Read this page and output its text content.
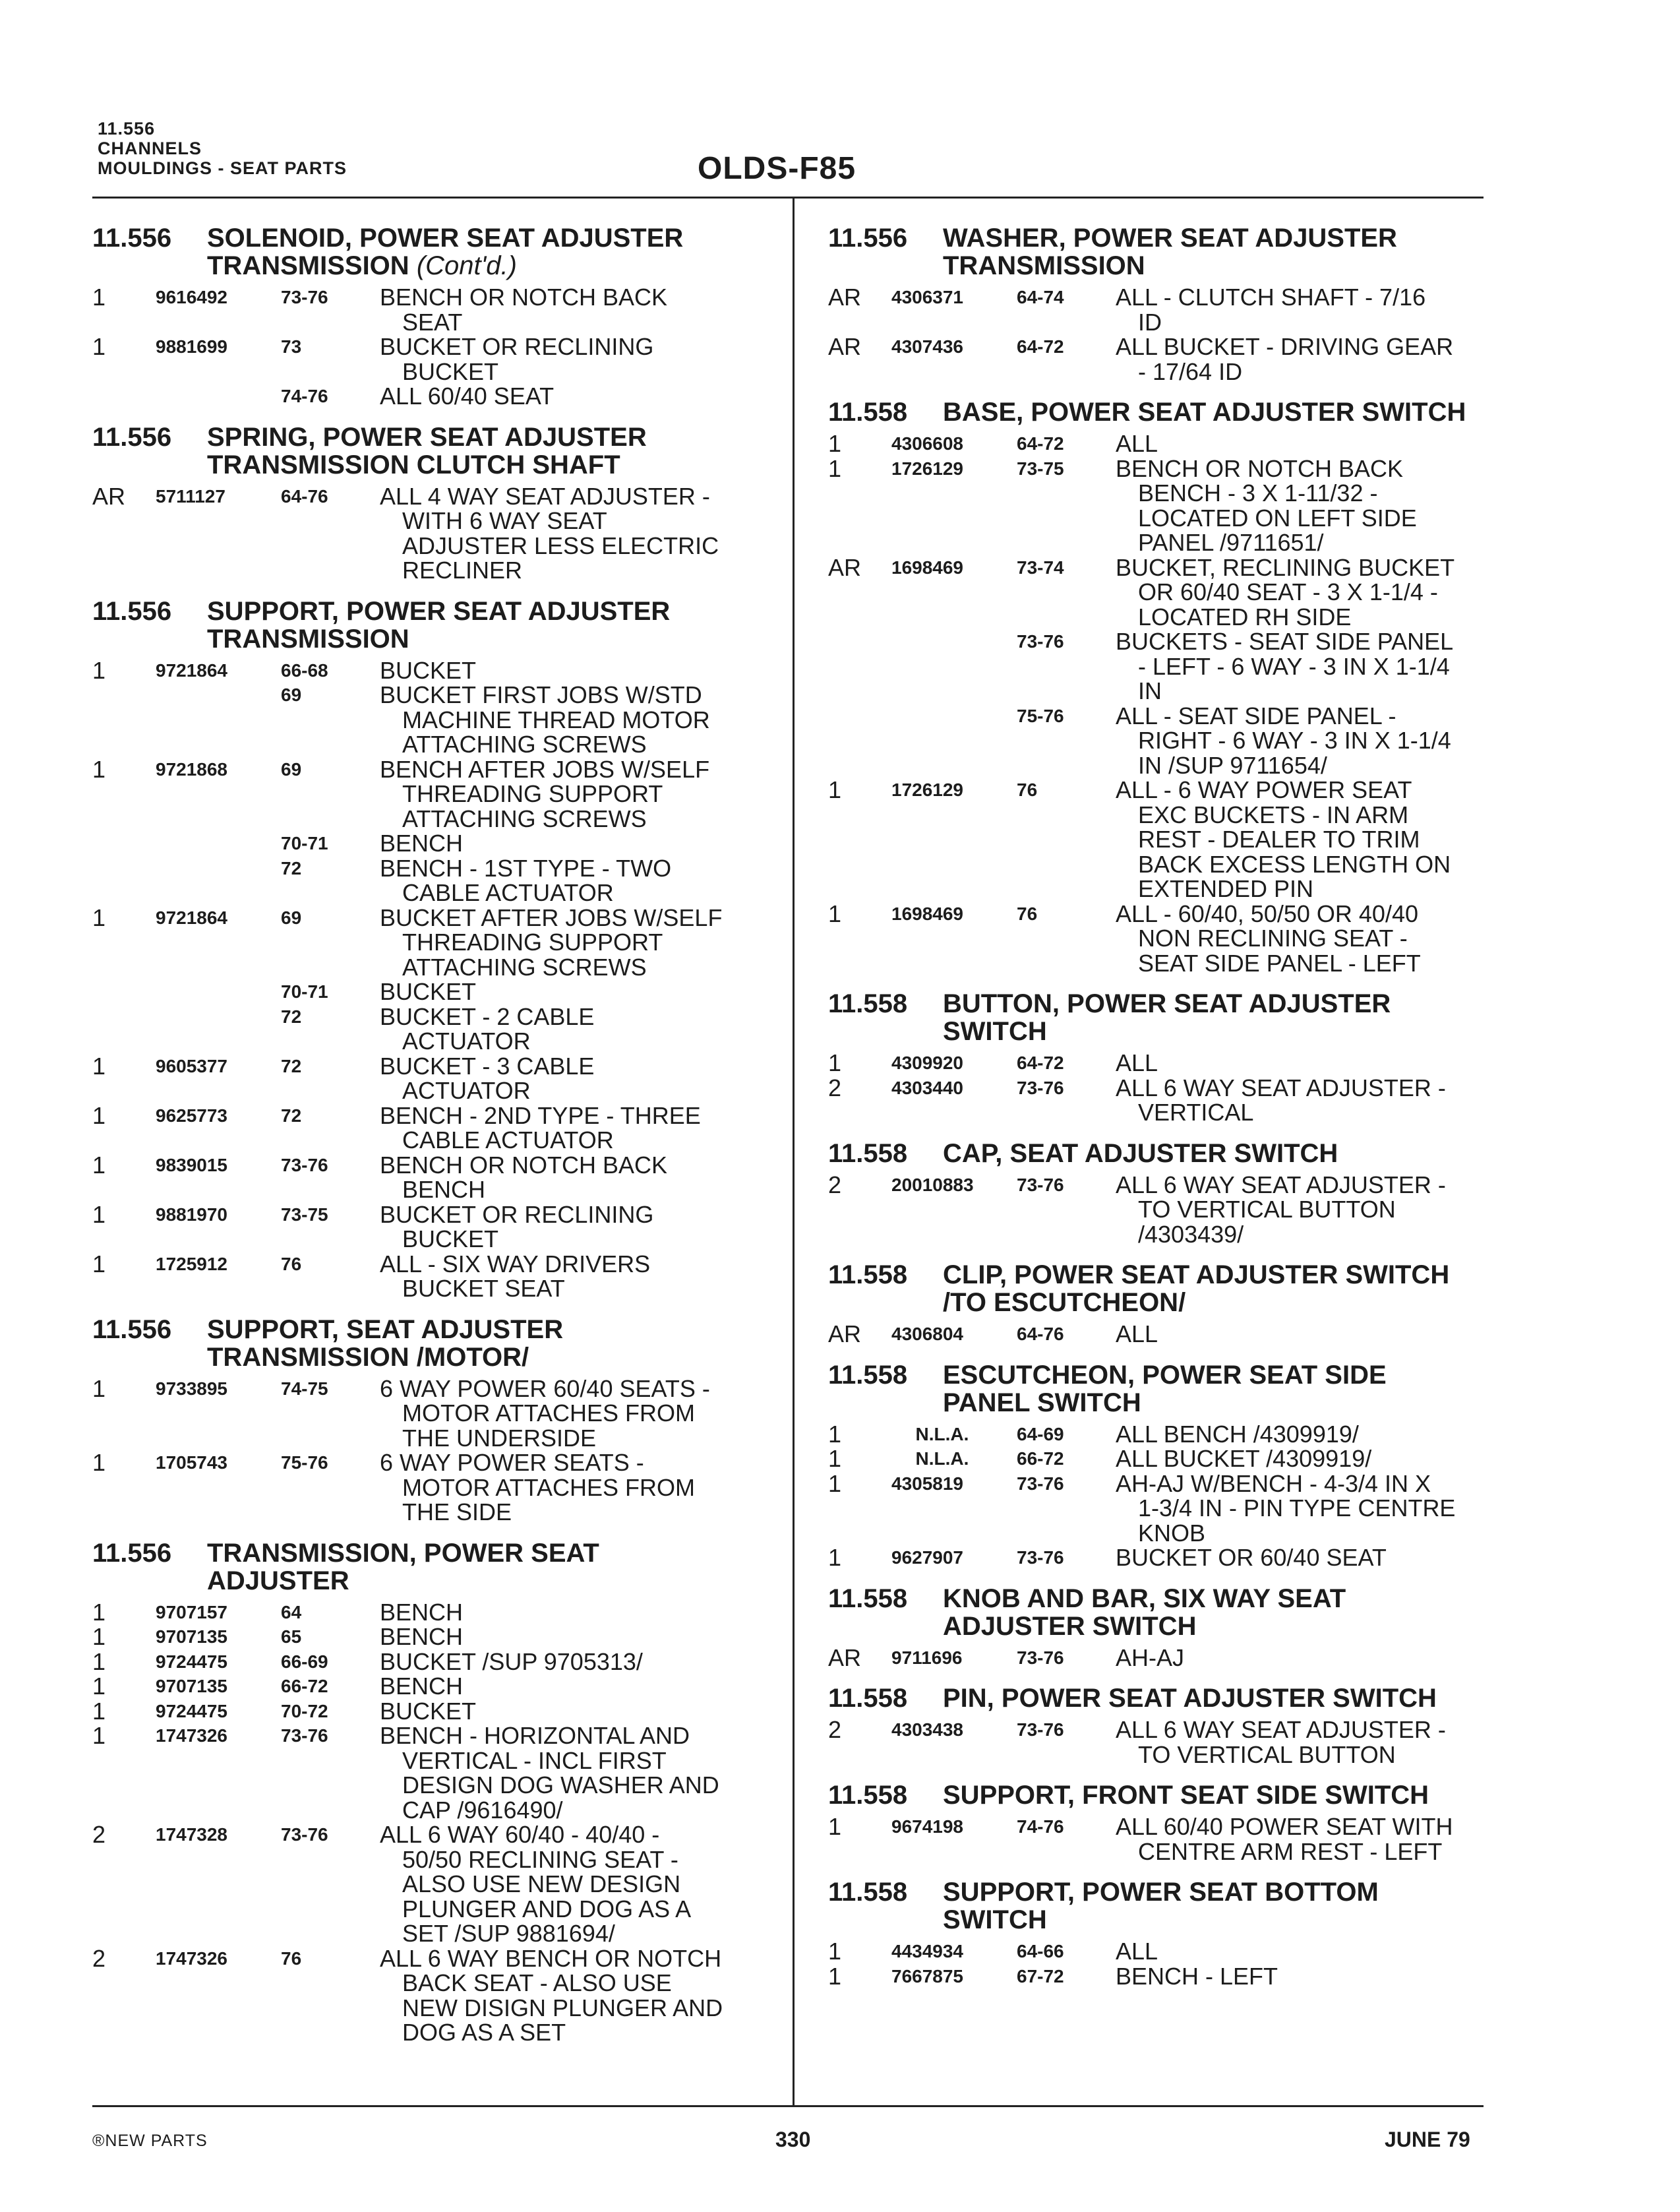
11.556
CHANNELS
MOULDINGS - SEAT PARTS	OLDS-F85
11.556	SOLENOID, POWER SEAT ADJUSTER
TRANSMISSION (Cont'd.)
1	9616492	73-76	BENCH OR NOTCH BACK
SEAT
1	9881699	73	BUCKET OR RECLINING
BUCKET
74-76	ALL 60/40 SEAT
11.556	SPRING, POWER SEAT ADJUSTER
TRANSMISSION CLUTCH SHAFT
AR	5711127	64-76	ALL 4 WAY SEAT ADJUSTER -
WITH 6 WAY SEAT
ADJUSTER LESS ELECTRIC
RECLINER
11.556	SUPPORT, POWER SEAT ADJUSTER
TRANSMISSION
1	9721864	66-68	BUCKET
69	BUCKET FIRST JOBS W/STD
MACHINE THREAD MOTOR
ATTACHING SCREWS
1	9721868	69	BENCH AFTER JOBS W/SELF
THREADING SUPPORT
ATTACHING SCREWS
70-71	BENCH
72	BENCH - 1ST TYPE - TWO
CABLE ACTUATOR
1	9721864	69	BUCKET AFTER JOBS W/SELF
THREADING SUPPORT
ATTACHING SCREWS
70-71	BUCKET
72	BUCKET - 2 CABLE
ACTUATOR
1	9605377	72	BUCKET - 3 CABLE
ACTUATOR
1	9625773	72	BENCH - 2ND TYPE - THREE
CABLE ACTUATOR
1	9839015	73-76	BENCH OR NOTCH BACK
BENCH
1	9881970	73-75	BUCKET OR RECLINING
BUCKET
1	1725912	76	ALL - SIX WAY DRIVERS
BUCKET SEAT
11.556	SUPPORT, SEAT ADJUSTER
TRANSMISSION /MOTOR/
1	9733895	74-75	6 WAY POWER 60/40 SEATS -
MOTOR ATTACHES FROM
THE UNDERSIDE
1	1705743	75-76	6 WAY POWER SEATS -
MOTOR ATTACHES FROM
THE SIDE
11.556	TRANSMISSION, POWER SEAT
ADJUSTER
1	9707157	64	BENCH
1	9707135	65	BENCH
1	9724475	66-69	BUCKET /SUP 9705313/
1	9707135	66-72	BENCH
1	9724475	70-72	BUCKET
1	1747326	73-76	BENCH - HORIZONTAL AND
VERTICAL - INCL FIRST
DESIGN DOG WASHER AND
CAP /9616490/
2	1747328	73-76	ALL 6 WAY 60/40 - 40/40 -
50/50 RECLINING SEAT -
ALSO USE NEW DESIGN
PLUNGER AND DOG AS A
SET /SUP 9881694/
2	1747326	76	ALL 6 WAY BENCH OR NOTCH
BACK SEAT - ALSO USE
NEW DISIGN PLUNGER AND
DOG AS A SET
11.556	WASHER, POWER SEAT ADJUSTER
TRANSMISSION
AR	4306371	64-74	ALL - CLUTCH SHAFT - 7/16
ID
AR	4307436	64-72	ALL BUCKET - DRIVING GEAR
- 17/64 ID
11.558	BASE, POWER SEAT ADJUSTER SWITCH
1	4306608	64-72	ALL
1	1726129	73-75	BENCH OR NOTCH BACK
BENCH - 3 X 1-11/32 -
LOCATED ON LEFT SIDE
PANEL /9711651/
AR	1698469	73-74	BUCKET, RECLINING BUCKET
OR 60/40 SEAT - 3 X 1-1/4 -
LOCATED RH SIDE
73-76	BUCKETS - SEAT SIDE PANEL
- LEFT - 6 WAY - 3 IN X 1-1/4
IN
75-76	ALL - SEAT SIDE PANEL -
RIGHT - 6 WAY - 3 IN X 1-1/4
IN /SUP 9711654/
1	1726129	76	ALL - 6 WAY POWER SEAT
EXC BUCKETS - IN ARM
REST - DEALER TO TRIM
BACK EXCESS LENGTH ON
EXTENDED PIN
1	1698469	76	ALL - 60/40, 50/50 OR 40/40
NON RECLINING SEAT -
SEAT SIDE PANEL - LEFT
11.558	BUTTON, POWER SEAT ADJUSTER
SWITCH
1	4309920	64-72	ALL
2	4303440	73-76	ALL 6 WAY SEAT ADJUSTER -
VERTICAL
11.558	CAP, SEAT ADJUSTER SWITCH
2	20010883	73-76	ALL 6 WAY SEAT ADJUSTER -
TO VERTICAL BUTTON
/4303439/
11.558	CLIP, POWER SEAT ADJUSTER SWITCH
/TO ESCUTCHEON/
AR	4306804	64-76	ALL
11.558	ESCUTCHEON, POWER SEAT SIDE
PANEL SWITCH
1	N.L.A.	64-69	ALL BENCH /4309919/
1	N.L.A.	66-72	ALL BUCKET /4309919/
1	4305819	73-76	AH-AJ W/BENCH - 4-3/4 IN X
1-3/4 IN - PIN TYPE CENTRE
KNOB
1	9627907	73-76	BUCKET OR 60/40 SEAT
11.558	KNOB AND BAR, SIX WAY SEAT
ADJUSTER SWITCH
AR	9711696	73-76	AH-AJ
11.558	PIN, POWER SEAT ADJUSTER SWITCH
2	4303438	73-76	ALL 6 WAY SEAT ADJUSTER -
TO VERTICAL BUTTON
11.558	SUPPORT, FRONT SEAT SIDE SWITCH
1	9674198	74-76	ALL 60/40 POWER SEAT WITH
CENTRE ARM REST - LEFT
11.558	SUPPORT, POWER SEAT BOTTOM
SWITCH
1	4434934	64-66	ALL
1	7667875	67-72	BENCH - LEFT
®NEW PARTS	330	JUNE 79
